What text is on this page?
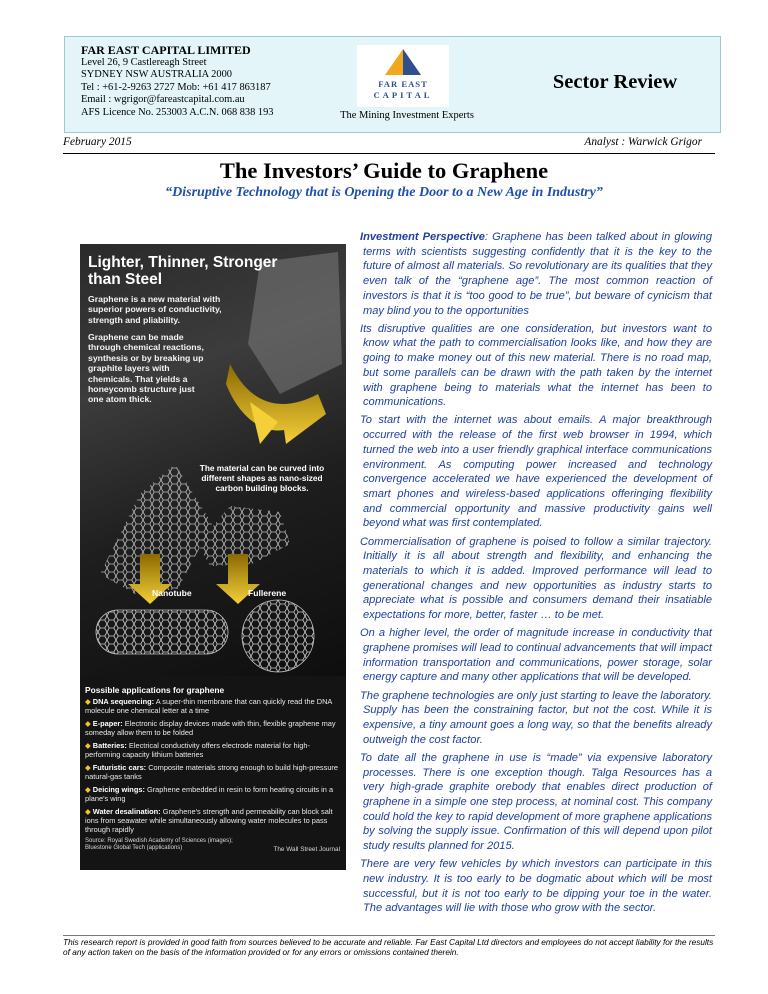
FAR EAST CAPITAL LIMITED
Level 26, 9 Castlereagh Street
SYDNEY NSW AUSTRALIA 2000
Tel : +61-2-9263 2727 Mob: +61 417 863187
Email : wgrigor@fareastcapital.com.au
AFS Licence No. 253003 A.C.N. 068 838 193
FAR EAST
CAPITAL
The Mining Investment Experts
Sector Review
February 2015	Analyst : Warwick Grigor
The Investors’ Guide to Graphene
“Disruptive Technology that is Opening the Door to a New Age in Industry”
Lighter, Thinner, Stronger than Steel
Graphene is a new material with superior powers of conductivity, strength and pliability.
Graphene can be made through chemical reactions, synthesis or by breaking up graphite layers with chemicals. That yields a honeycomb structure just one atom thick.
The material can be curved into different shapes as nano-sized carbon building blocks.
Nanotube	Fullerene
Possible applications for graphene
◆ DNA sequencing: A super-thin membrane that can quickly read the DNA molecule one chemical letter at a time
◆ E-paper: Electronic display devices made with thin, flexible graphene may someday allow them to be folded
◆ Batteries: Electrical conductivity offers electrode material for high-performing capacity lithium batteries
◆ Futuristic cars: Composite materials strong enough to build high-pressure natural-gas tanks
◆ Deicing wings: Graphene embedded in resin to form heating circuits in a plane's wing
◆ Water desalination: Graphene's strength and permeability can block salt ions from seawater while simultaneously allowing water molecules to pass through rapidly
Source: Royal Swedish Academy of Sciences (images); Bluestone Global Tech (applications)	The Wall Street Journal

Investment Perspective: Graphene has been talked about in glowing terms with scientists suggesting confidently that it is the key to the future of almost all materials. So revolutionary are its qualities that they even talk of the “graphene age”. The most common reaction of investors is that it is “too good to be true”, but beware of cynicism that may blind you to the opportunities

Its disruptive qualities are one consideration, but investors want to know what the path to commercialisation looks like, and how they are going to make money out of this new material. There is no road map, but some parallels can be drawn with the path taken by the internet with graphene being to materials what the internet has been to communications.

To start with the internet was about emails. A major breakthrough occurred with the release of the first web browser in 1994, which turned the web into a user friendly graphical interface communications environment. As computing power increased and technology convergence accelerated we have experienced the development of smart phones and wireless-based applications offeringing flexibility and commercial opportunity and massive productivity gains well beyond what was first contemplated.

Commercialisation of graphene is poised to follow a similar trajectory. Initially it is all about strength and flexibility, and enhancing the materials to which it is added. Improved performance will lead to generational changes and new opportunities as industry starts to appreciate what is possible and consumers demand their insatiable expectations for more, better, faster … to be met.

On a higher level, the order of magnitude increase in conductivity that graphene promises will lead to continual advancements that will impact information transportation and communications, power storage, solar energy capture and many other applications that will be developed.

The graphene technologies are only just starting to leave the laboratory. Supply has been the constraining factor, but not the cost. While it is expensive, a tiny amount goes a long way, so that the benefits already outweigh the cost factor.

To date all the graphene in use is “made” via expensive laboratory processes. There is one exception though. Talga Resources has a very high-grade graphite orebody that enables direct production of graphene in a simple one step process, at nominal cost. This company could hold the key to rapid development of more graphene applications by solving the supply issue. Confirmation of this will depend upon pilot study results planned for 2015.

There are very few vehicles by which investors can participate in this new industry. It is too early to be dogmatic about which will be most successful, but it is not too early to be dipping your toe in the water. The advantages will lie with those who grow with the sector.

This research report is provided in good faith from sources believed to be accurate and reliable. Far East Capital Ltd directors and employees do not accept liability for the results of any action taken on the basis of the information provided or for any errors or omissions contained therein.
